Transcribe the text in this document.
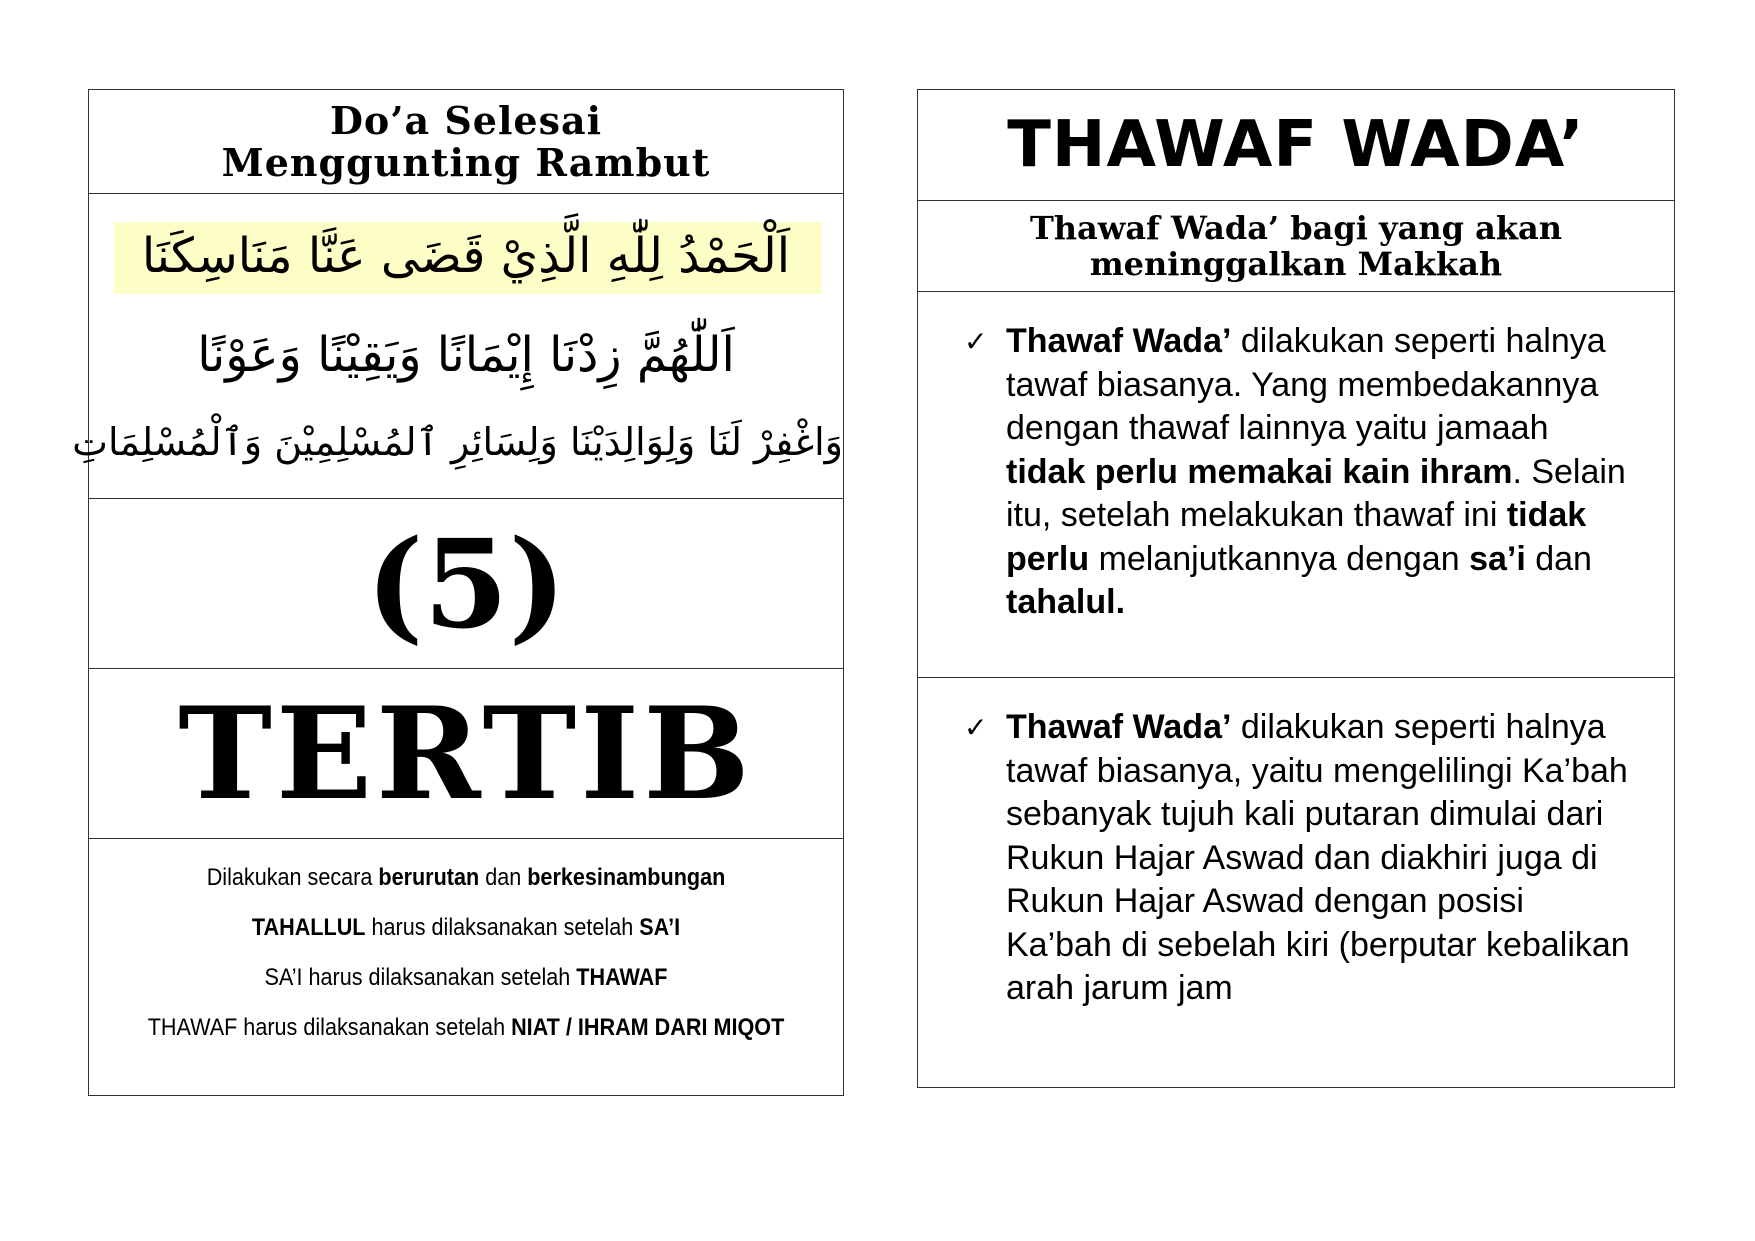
Do’a Selesai Menggunting Rambut
اَلْحَمْدُ لِلّٰهِ الَّذِيْ قَضَى عَنَّا مَنَاسِكَنَا
اَللّٰهُمَّ زِدْنَا إِيْمَانًا وَيَقِيْنًا وَعَوْنًا
وَاغْفِرْ لَنَا وَلِوَالِدَيْنَا وَلِسَائِرِ ٱلمُسْلِمِيْنَ وَٱلْمُسْلِمَاتِ
(5)
TERTIB
Dilakukan secara berurutan dan berkesinambungan
TAHALLUL harus dilaksanakan setelah SA’I
SA’I harus dilaksanakan setelah THAWAF
THAWAF harus dilaksanakan setelah NIAT / IHRAM DARI MIQOT
THAWAF WADA’
Thawaf Wada’ bagi yang akan meninggalkan Makkah
✓ Thawaf Wada’ dilakukan seperti halnya tawaf biasanya. Yang membedakannya dengan thawaf lainnya yaitu jamaah tidak perlu memakai kain ihram. Selain itu, setelah melakukan thawaf ini tidak perlu melanjutkannya dengan sa’i dan tahalul.
✓ Thawaf Wada’ dilakukan seperti halnya tawaf biasanya, yaitu mengelilingi Ka’bah sebanyak tujuh kali putaran dimulai dari Rukun Hajar Aswad dan diakhiri juga di Rukun Hajar Aswad dengan posisi Ka’bah di sebelah kiri (berputar kebalikan arah jarum jam
